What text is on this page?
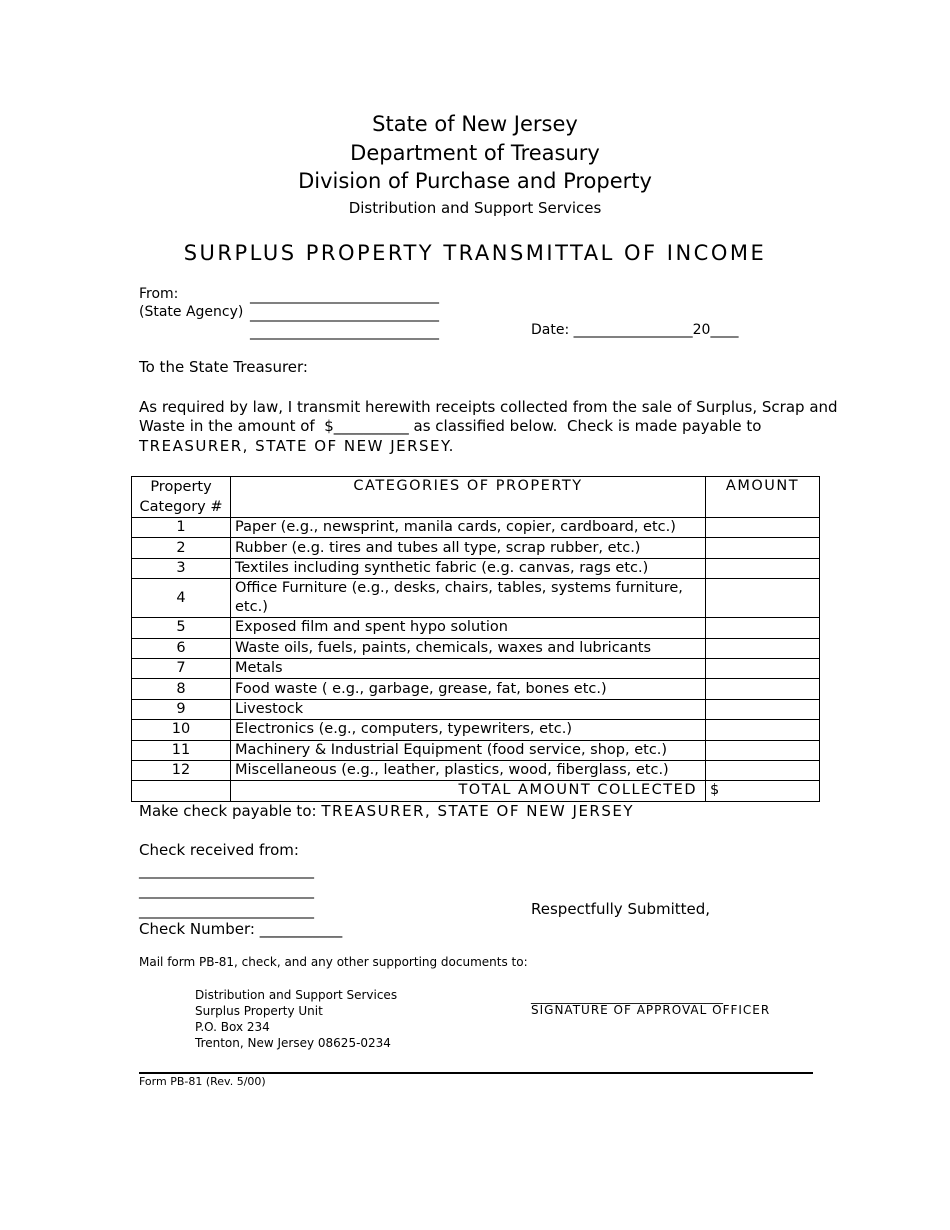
State of New Jersey
Department of Treasury
Division of Purchase and Property
Distribution and Support Services
SURPLUS PROPERTY TRANSMITTAL OF INCOME
From:
(State Agency)
___________________________
___________________________
___________________________	Date: _________________20____
To the State Treasurer:
As required by law, I transmit herewith receipts collected from the sale of Surplus, Scrap and
Waste in the amount of  $__________ as classified below.  Check is made payable to
TREASURER, STATE OF NEW JERSEY.
Property
Category #	CATEGORIES OF PROPERTY	AMOUNT
1	Paper (e.g., newsprint, manila cards, copier, cardboard, etc.)	
2	Rubber (e.g. tires and tubes all type, scrap rubber, etc.)	
3	Textiles including synthetic fabric (e.g. canvas, rags etc.)	
4	Office Furniture (e.g., desks, chairs, tables, systems furniture, etc.)	
5	Exposed film and spent hypo solution	
6	Waste oils, fuels, paints, chemicals, waxes and lubricants	
7	Metals	
8	Food waste ( e.g., garbage, grease, fat, bones etc.)	
9	Livestock	
10	Electronics (e.g., computers, typewriters, etc.)	
11	Machinery & Industrial Equipment (food service, shop, etc.)	
12	Miscellaneous (e.g., leather, plastics, wood, fiberglass, etc.)	
	TOTAL AMOUNT COLLECTED	$
Make check payable to: TREASURER, STATE OF NEW JERSEY
Check received from:
_________________________
_________________________
_________________________
Check Number: ___________
Respectfully Submitted,
Mail form PB-81, check, and any other supporting documents to:
Distribution and Support Services
Surplus Property Unit
P.O. Box 234
Trenton, New Jersey 08625-0234
________________________________
SIGNATURE OF APPROVAL OFFICER
Form PB-81 (Rev. 5/00)
